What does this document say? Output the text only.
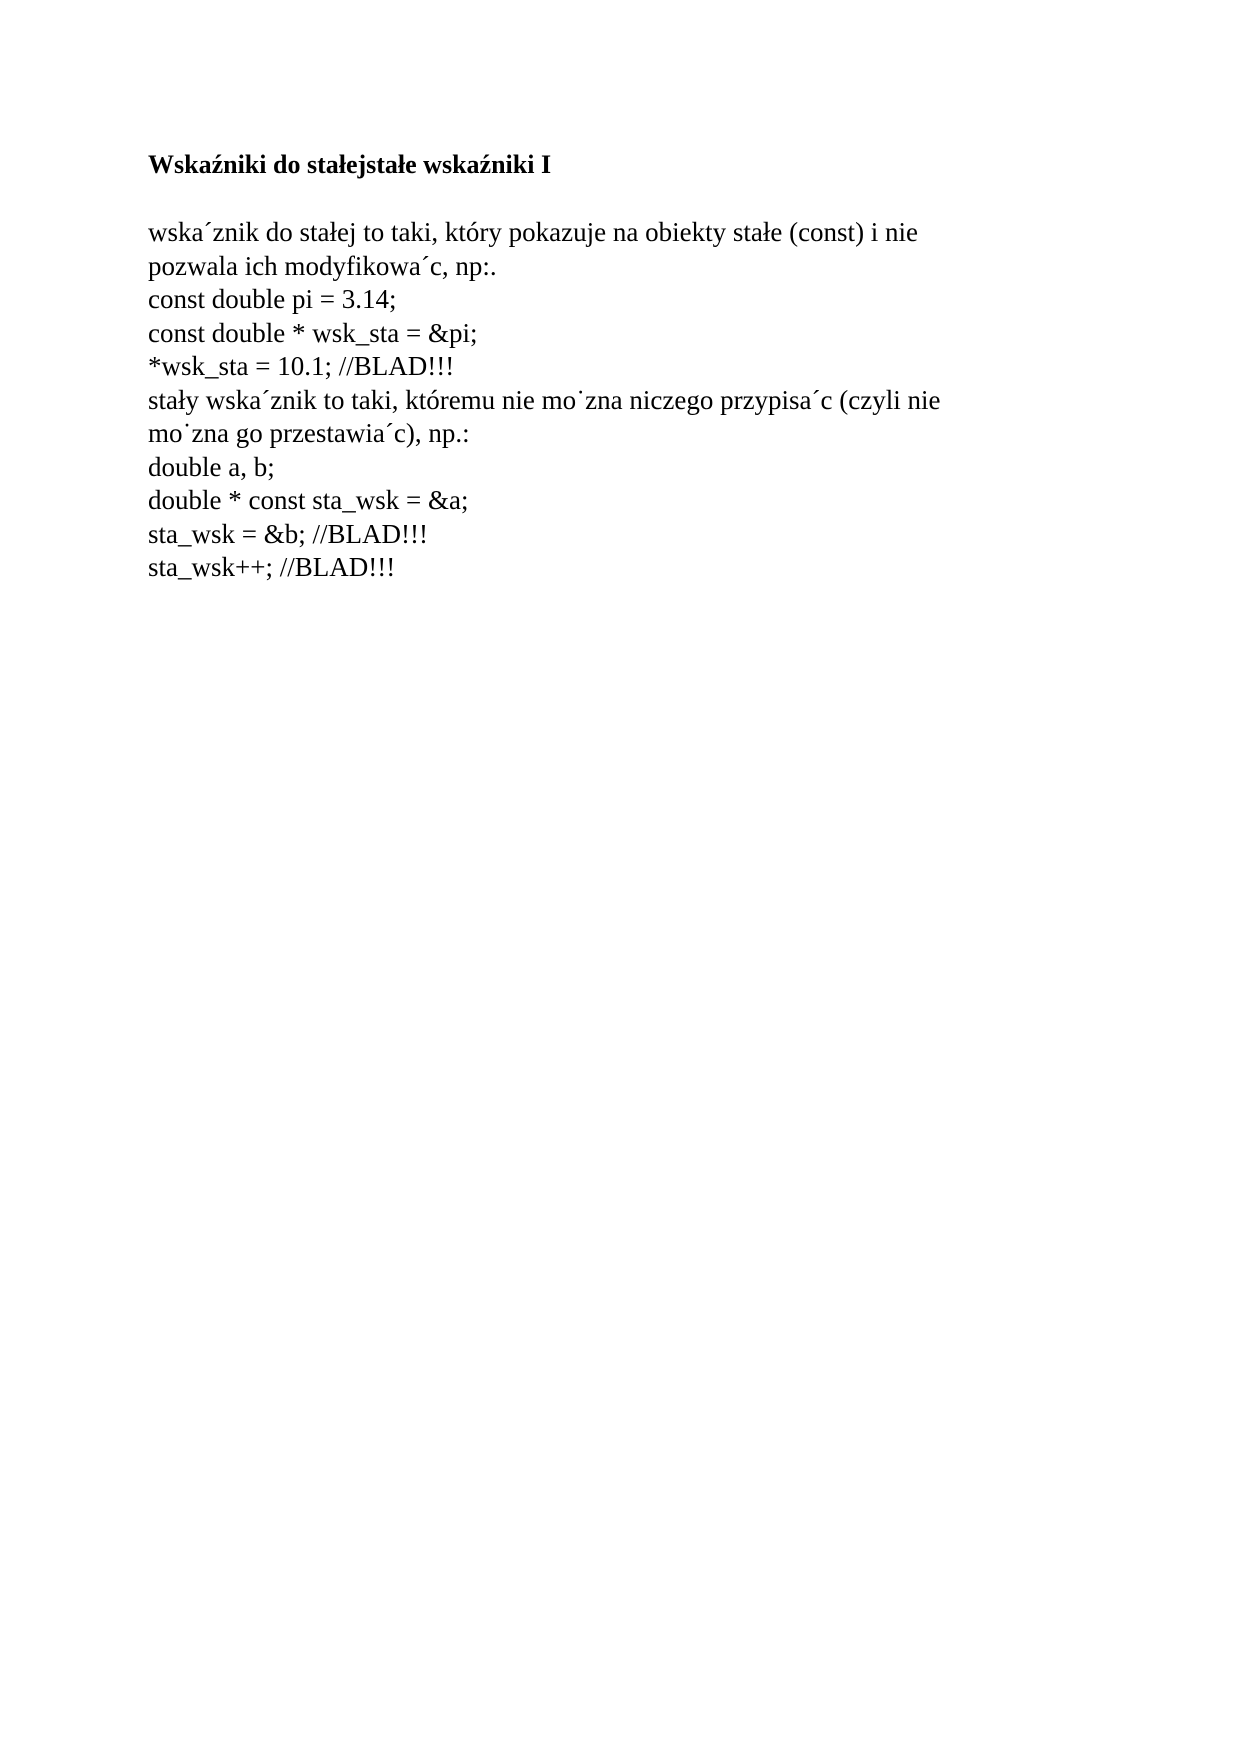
Wskaźniki do stałejstałe wskaźniki I
wska´znik do stałej to taki, który pokazuje na obiekty stałe (const) i nie
pozwala ich modyfikowa´c, np:.
const double pi = 3.14;
const double * wsk_sta = &pi;
*wsk_sta = 10.1; //BLAD!!!
stały wska´znik to taki, któremu nie mo˙zna niczego przypisa´c (czyli nie
mo˙zna go przestawia´c), np.:
double a, b;
double * const sta_wsk = &a;
sta_wsk = &b; //BLAD!!!
sta_wsk++; //BLAD!!!
